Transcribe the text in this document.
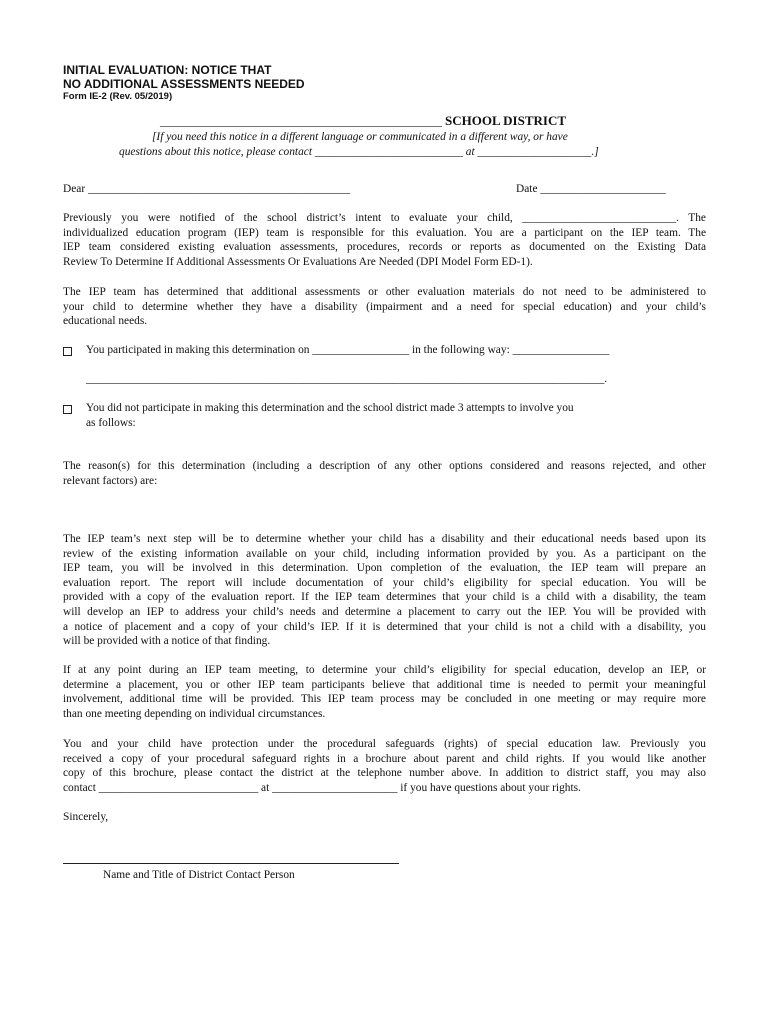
INITIAL EVALUATION: NOTICE THAT
NO ADDITIONAL ASSESSMENTS NEEDED
Form IE-2 (Rev. 05/2019)
_______________________________________________ SCHOOL DISTRICT
[If you need this notice in a different language or communicated in a different way, or have
questions about this notice, please contact __________________________ at ____________________.]
Dear ______________________________________________	Date ______________________
Previously you were notified of the school district’s intent to evaluate your child, ___________________________. The
individualized education program (IEP) team is responsible for this evaluation. You are a participant on the IEP team. The
IEP team considered existing evaluation assessments, procedures, records or reports as documented on the Existing Data
Review To Determine If Additional Assessments Or Evaluations Are Needed (DPI Model Form ED-1).
The IEP team has determined that additional assessments or other evaluation materials do not need to be administered to
your child to determine whether they have a disability (impairment and a need for special education) and your child’s
educational needs.
You participated in making this determination on _________________ in the following way: _________________
___________________________________________________________________________________________.
You did not participate in making this determination and the school district made 3 attempts to involve you
as follows:
The reason(s) for this determination (including a description of any other options considered and reasons rejected, and other
relevant factors) are:
The IEP team’s next step will be to determine whether your child has a disability and their educational needs based upon its
review of the existing information available on your child, including information provided by you. As a participant on the
IEP team, you will be involved in this determination. Upon completion of the evaluation, the IEP team will prepare an
evaluation report. The report will include documentation of your child’s eligibility for special education. You will be
provided with a copy of the evaluation report. If the IEP team determines that your child is a child with a disability, the team
will develop an IEP to address your child’s needs and determine a placement to carry out the IEP. You will be provided with
a notice of placement and a copy of your child’s IEP. If it is determined that your child is not a child with a disability, you
will be provided with a notice of that finding.
If at any point during an IEP team meeting, to determine your child’s eligibility for special education, develop an IEP, or
determine a placement, you or other IEP team participants believe that additional time is needed to permit your meaningful
involvement, additional time will be provided. This IEP team process may be concluded in one meeting or may require more
than one meeting depending on individual circumstances.
You and your child have protection under the procedural safeguards (rights) of special education law. Previously you
received a copy of your procedural safeguard rights in a brochure about parent and child rights. If you would like another
copy of this brochure, please contact the district at the telephone number above. In addition to district staff, you may also
contact ____________________________ at ______________________ if you have questions about your rights.
Sincerely,
Name and Title of District Contact Person
